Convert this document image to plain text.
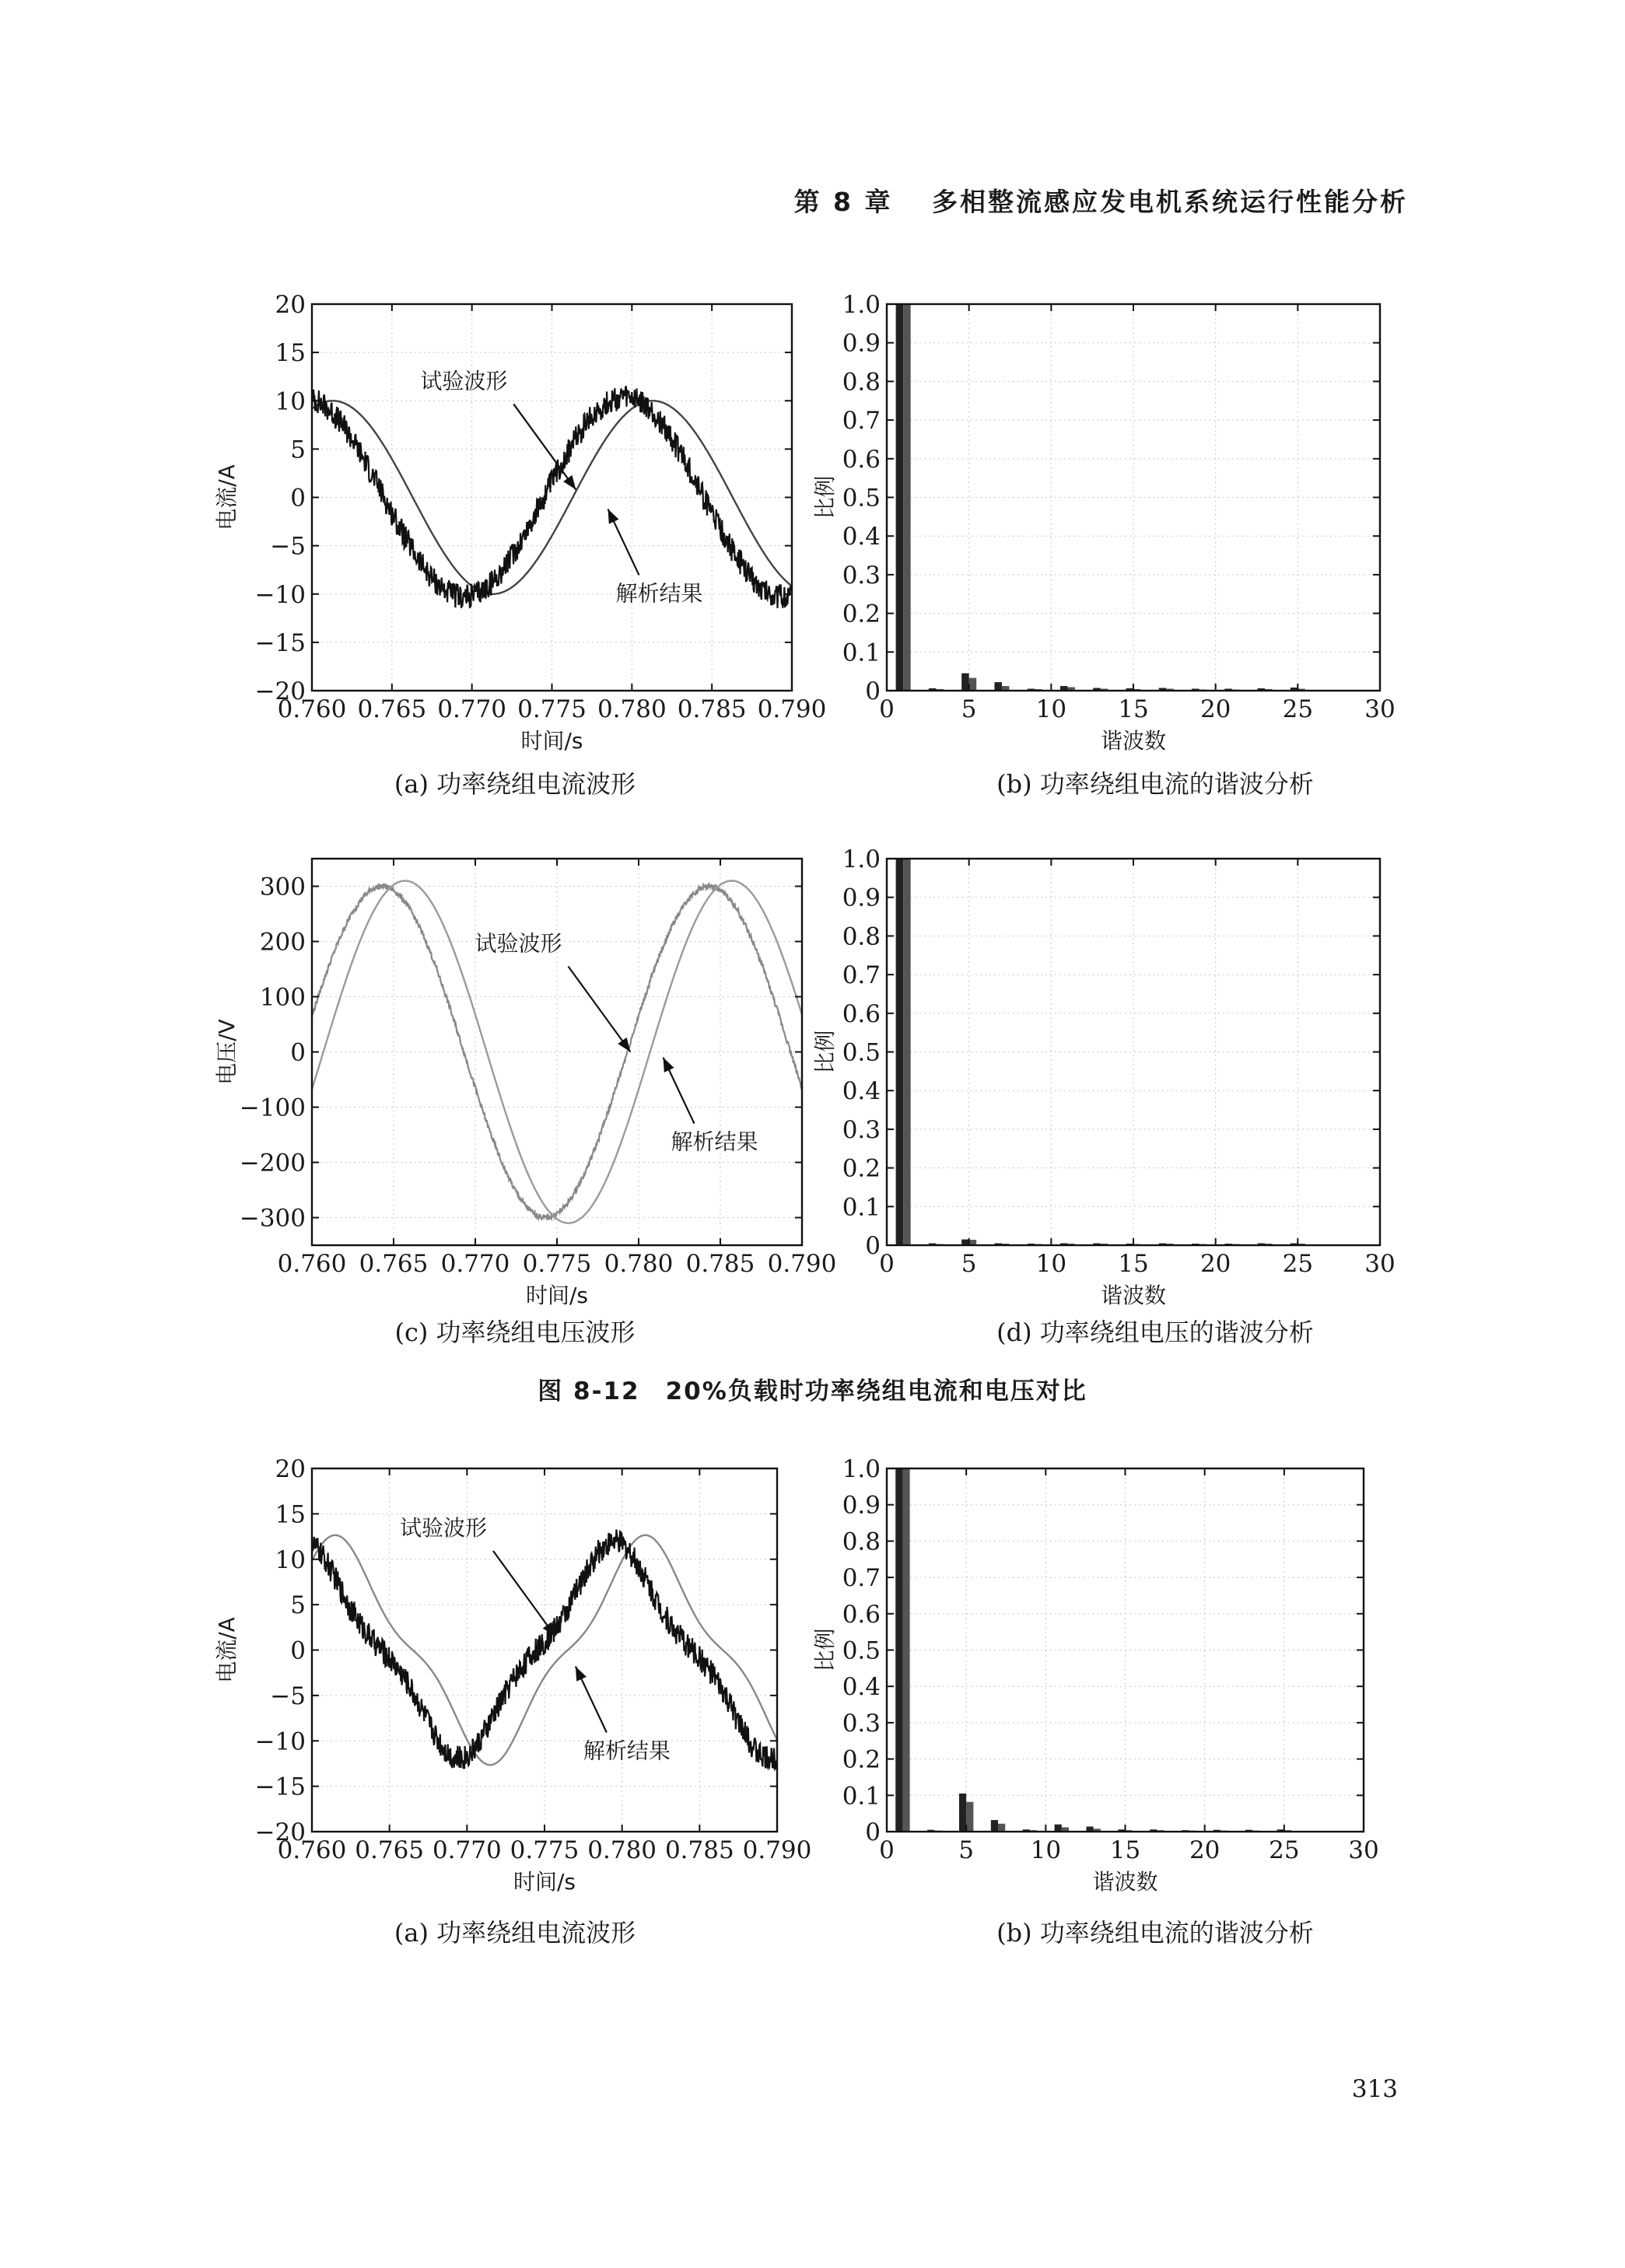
第 8 章　 多相整流感应发电机系统运行性能分析
试验波形
解析结果
0.760 0.765 0.770 0.775 0.780 0.785 0.790
20
15
10
5
0
−5
−10
−15
−20
时间/s
电流/A
(a) 功率绕组电流波形
0	5 10 15 20 25 30
1.0
0.9
0.8
0.7
0.6
0.5
0.4
0.3
0.2
0.1
0
谐波数
比例
(b) 功率绕组电流的谐波分析
试验波形
解析结果
0.760 0.765 0.770 0.775 0.780 0.785 0.790
300
200
100
0
−100
−200
−300
时间/s
电压/V
(c) 功率绕组电压波形
0	5 10 15 20 25 30
1.0
0.9
0.8
0.7
0.6
0.5
0.4
0.3
0.2
0.1
0
谐波数
比例
(d) 功率绕组电压的谐波分析
图 8-12　20%负载时功率绕组电流和电压对比
试验波形
解析结果
0.760 0.765 0.770 0.775 0.780 0.785 0.790
20
15
10
5
0
−5
−10
−15
−20
时间/s
电流/A
(a) 功率绕组电流波形
0	5 10 15 20 25 30
1.0
0.9
0.8
0.7
0.6
0.5
0.4
0.3
0.2
0.1
0
谐波数
比例
(b) 功率绕组电流的谐波分析
313
